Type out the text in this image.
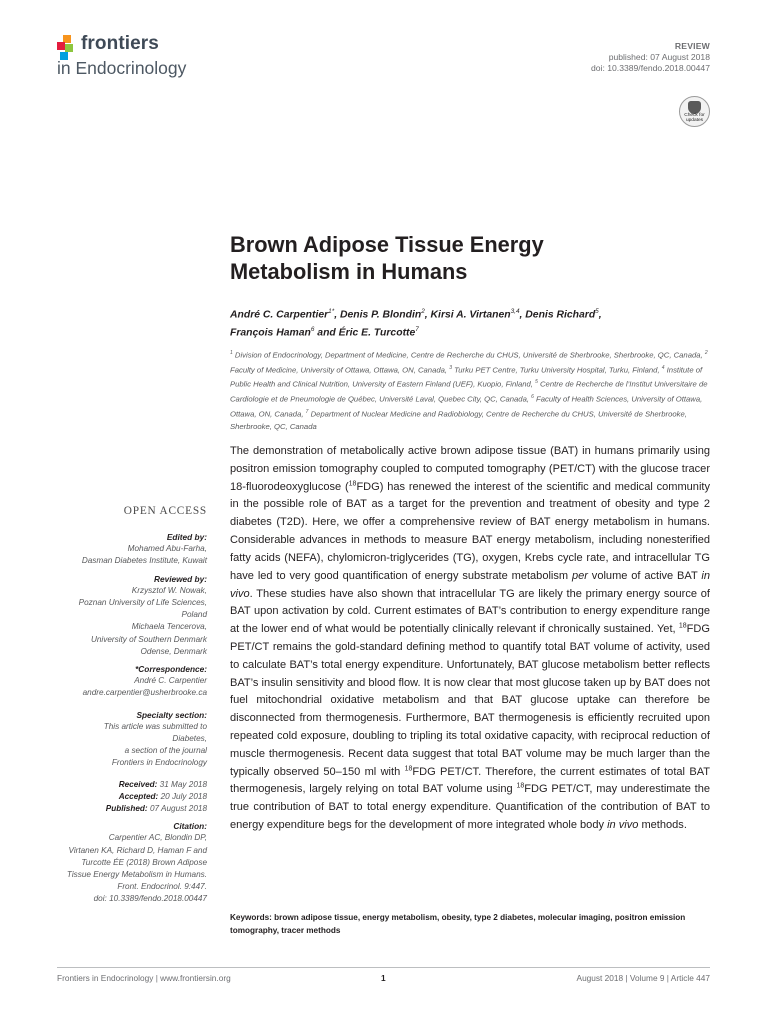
frontiers
in Endocrinology
REVIEW
published: 07 August 2018
doi: 10.3389/fendo.2018.00447
Check for updates
Brown Adipose Tissue Energy
Metabolism in Humans
André C. Carpentier$^{1*}$, Denis P. Blondin$^2$, Kirsi A. Virtanen$^{3,4}$, Denis Richard$^5$,
François Haman$^6$ and Éric E. Turcotte$^7$
$^1$ Division of Endocrinology, Department of Medicine, Centre de Recherche du CHUS, Université de Sherbrooke, Sherbrooke, QC, Canada, $^2$ Faculty of Medicine, University of Ottawa, Ottawa, ON, Canada, $^3$ Turku PET Centre, Turku University Hospital, Turku, Finland, $^4$ Institute of Public Health and Clinical Nutrition, University of Eastern Finland (UEF), Kuopio, Finland, $^5$ Centre de Recherche de l’Institut Universitaire de Cardiologie et de Pneumologie de Québec, Université Laval, Quebec City, QC, Canada, $^6$ Faculty of Health Sciences, University of Ottawa, Ottawa, ON, Canada, $^7$ Department of Nuclear Medicine and Radiobiology, Centre de Recherche du CHUS, Université de Sherbrooke, Sherbrooke, QC, Canada
OPEN ACCESS

Edited by:

Mohamed Abu-Farha,

Dasman Diabetes Institute, Kuwait

Reviewed by:

Krzysztof W. Nowak,

Poznan University of Life Sciences,

Poland

Michaela Tencerova,

University of Southern Denmark

Odense, Denmark

*Correspondence:

André C. Carpentier

andre.carpentier@usherbrooke.ca

Specialty section:

This article was submitted to

Diabetes,

a section of the journal

Frontiers in Endocrinology

Received: 31 May 2018

Accepted: 20 July 2018

Published: 07 August 2018

Citation:

Carpentier AC, Blondin DP,

Virtanen KA, Richard D, Haman F and

Turcotte ÉE (2018) Brown Adipose

Tissue Energy Metabolism in Humans.

Front. Endocrinol. 9:447.

doi: 10.3389/fendo.2018.00447

The demonstration of metabolically active brown adipose tissue (BAT) in humans primarily using positron emission tomography coupled to computed tomography (PET/CT) with the glucose tracer 18-fluorodeoxyglucose ($^{18}$FDG) has renewed the interest of the scientific and medical community in the possible role of BAT as a target for the prevention and treatment of obesity and type 2 diabetes (T2D). Here, we offer a comprehensive review of BAT energy metabolism in humans. Considerable advances in methods to measure BAT energy metabolism, including nonesterified fatty acids (NEFA), chylomicron-triglycerides (TG), oxygen, Krebs cycle rate, and intracellular TG have led to very good quantification of energy substrate metabolism per volume of active BAT in vivo. These studies have also shown that intracellular TG are likely the primary energy source of BAT upon activation by cold. Current estimates of BAT’s contribution to energy expenditure range at the lower end of what would be potentially clinically relevant if chronically sustained. Yet, $^{18}$FDG PET/CT remains the gold-standard defining method to quantify total BAT volume of activity, used to calculate BAT’s total energy expenditure. Unfortunately, BAT glucose metabolism better reflects BAT’s insulin sensitivity and blood flow. It is now clear that most glucose taken up by BAT does not fuel mitochondrial oxidative metabolism and that BAT glucose uptake can therefore be disconnected from thermogenesis. Furthermore, BAT thermogenesis is efficiently recruited upon repeated cold exposure, doubling to tripling its total oxidative capacity, with reciprocal reduction of muscle thermogenesis. Recent data suggest that total BAT volume may be much larger than the typically observed 50–150 ml with $^{18}$FDG PET/CT. Therefore, the current estimates of total BAT thermogenesis, largely relying on total BAT volume using $^{18}$FDG PET/CT, may underestimate the true contribution of BAT to total energy expenditure. Quantification of the contribution of BAT to energy expenditure begs for the development of more integrated whole body in vivo methods.

Keywords: brown adipose tissue, energy metabolism, obesity, type 2 diabetes, molecular imaging, positron emission tomography, tracer methods
Frontiers in Endocrinology | www.frontiersin.org	1	August 2018 | Volume 9 | Article 447
